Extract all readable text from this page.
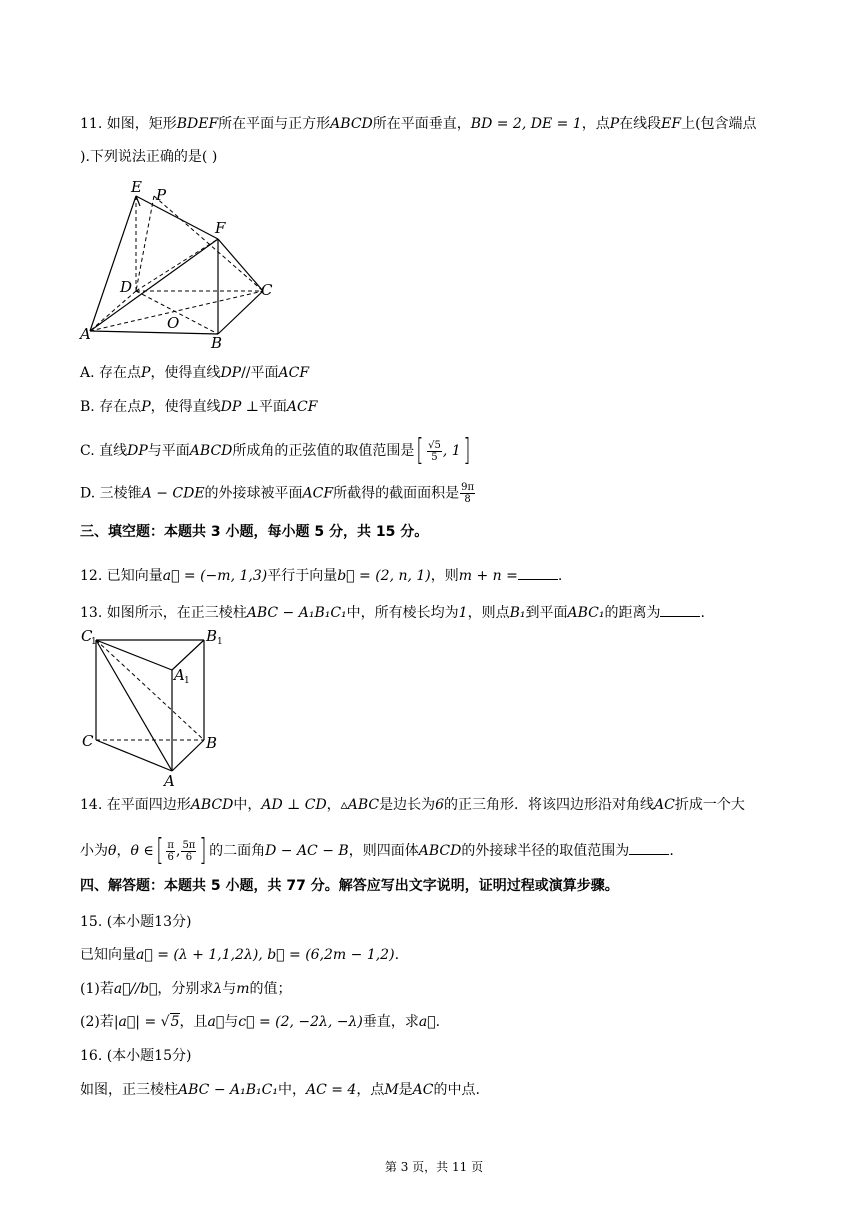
11. 如图，矩形BDEF所在平面与正方形ABCD所在平面垂直，BD = 2, DE = 1，点P在线段EF上(包含端点
).下列说法正确的是( )
E P
F
D	C
O
A	B
A. 存在点P，使得直线DP//平面ACF
B. 存在点P，使得直线DP ⊥平面ACF
C. 直线DP与平面ABCD所成角的正弦值的取值范围是[ $\frac{√5}{5}$ , 1]
D. 三棱锥A − CDE的外接球被平面ACF所截得的截面面积是 $\frac{9\pi}{8}$
三、填空题：本题共 3 小题，每小题 5 分，共 15 分。
12. 已知向量a⃗ = (−m, 1,3)平行于向量b⃗ = (2, n, 1)，则m + n =	.
13. 如图所示，在正三棱柱ABC − A₁B₁C₁中，所有棱长均为1，则点B₁到平面ABC₁的距离为	.
C
1	B 1
A 1
C	B
A
14. 在平面四边形ABCD中，AD ⊥ CD，▵ABC是边长为6的正三角形．将该四边形沿对角线AC折成一个大
小为θ，θ ∈[ $\frac{\pi}{6}$ , $\frac{5\pi}{6}$ ] 的二面角D − AC − B，则四面体ABCD的外接球半径的取值范围为	.
四、解答题：本题共 5 小题，共 77 分。解答应写出文字说明，证明过程或演算步骤。
15. (本小题13分)
已知向量a⃗ = (λ + 1,1,2λ), b⃗ = (6,2m − 1,2).
(1)若a⃗//b⃗，分别求λ与m的值；
(2)若|a⃗| = √5，且a⃗与c⃗ = (2, −2λ, −λ)垂直，求a⃗.
16. (本小题15分)
如图，正三棱柱ABC − A₁B₁C₁中，AC = 4，点M是AC的中点.
第 3 页，共 11 页
